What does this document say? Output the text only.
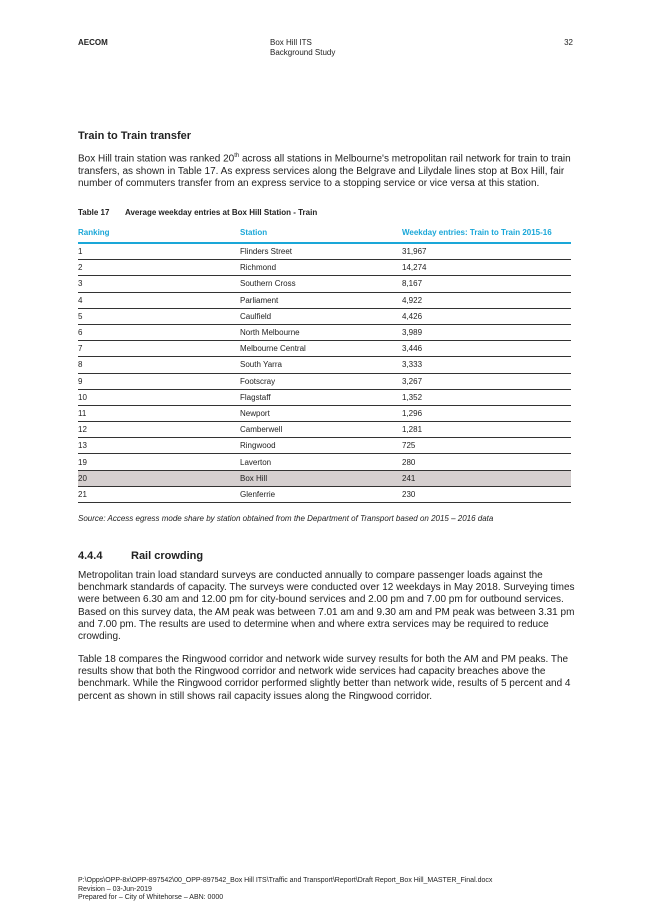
AECOM	Box Hill ITS
Background Study
32
Train to Train transfer
Box Hill train station was ranked 20th across all stations in Melbourne's metropolitan rail network for train to train transfers, as shown in Table 17. As express services along the Belgrave and Lilydale lines stop at Box Hill, fair number of commuters transfer from an express service to a stopping service or vice versa at this station.
Table 17 Average weekday entries at Box Hill Station - Train
Ranking	Station	Weekday entries: Train to Train 2015-16
1	Flinders Street	31,967
2	Richmond	14,274
3	Southern Cross	8,167
4	Parliament	4,922
5	Caulfield	4,426
6	North Melbourne	3,989
7	Melbourne Central	3,446
8	South Yarra	3,333
9	Footscray	3,267
10	Flagstaff	1,352
11	Newport	1,296
12	Camberwell	1,281
13	Ringwood	725
19	Laverton	280
20	Box Hill	241
21	Glenferrie	230
Source: Access egress mode share by station obtained from the Department of Transport based on 2015 – 2016 data
4.4.4	Rail crowding
Metropolitan train load standard surveys are conducted annually to compare passenger loads against the benchmark standards of capacity. The surveys were conducted over 12 weekdays in May 2018. Surveying times were between 6.30 am and 12.00 pm for city-bound services and 2.00 pm and 7.00 pm for outbound services. Based on this survey data, the AM peak was between 7.01 am and 9.30 am and PM peak was between 3.31 pm and 7.00 pm. The results are used to determine when and where extra services may be required to reduce crowding.
Table 18 compares the Ringwood corridor and network wide survey results for both the AM and PM peaks. The results show that both the Ringwood corridor and network wide services had capacity breaches above the benchmark. While the Ringwood corridor performed slightly better than network wide, results of 5 percent and 4 percent as shown in still shows rail capacity issues along the Ringwood corridor.
P:\Opps\OPP-8x\OPP-897542\00_OPP-897542_Box Hill ITS\Traffic and Transport\Report\Draft Report_Box Hill_MASTER_Final.docx
Revision – 03-Jun-2019
Prepared for – City of Whitehorse – ABN: 0000
